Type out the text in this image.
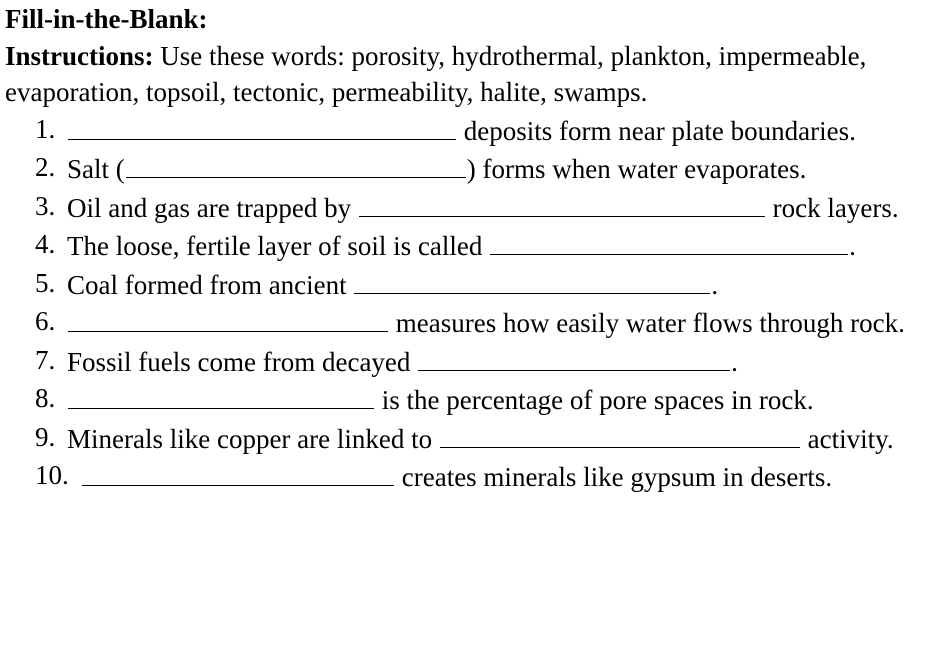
Fill-in-the-Blank:

Instructions: Use these words: porosity, hydrothermal, plankton, impermeable, evaporation, topsoil, tectonic, permeability, halite, swamps.

1.	deposits form near plate boundaries.
2. Salt (	) forms when water evaporates.
3. Oil and gas are trapped by	rock layers.
4. The loose, fertile layer of soil is called	.
5. Coal formed from ancient	.
6.	measures how easily water flows through rock.
7. Fossil fuels come from decayed	.
8.	is the percentage of pore spaces in rock.
9. Minerals like copper are linked to	activity.
10.	creates minerals like gypsum in deserts.
